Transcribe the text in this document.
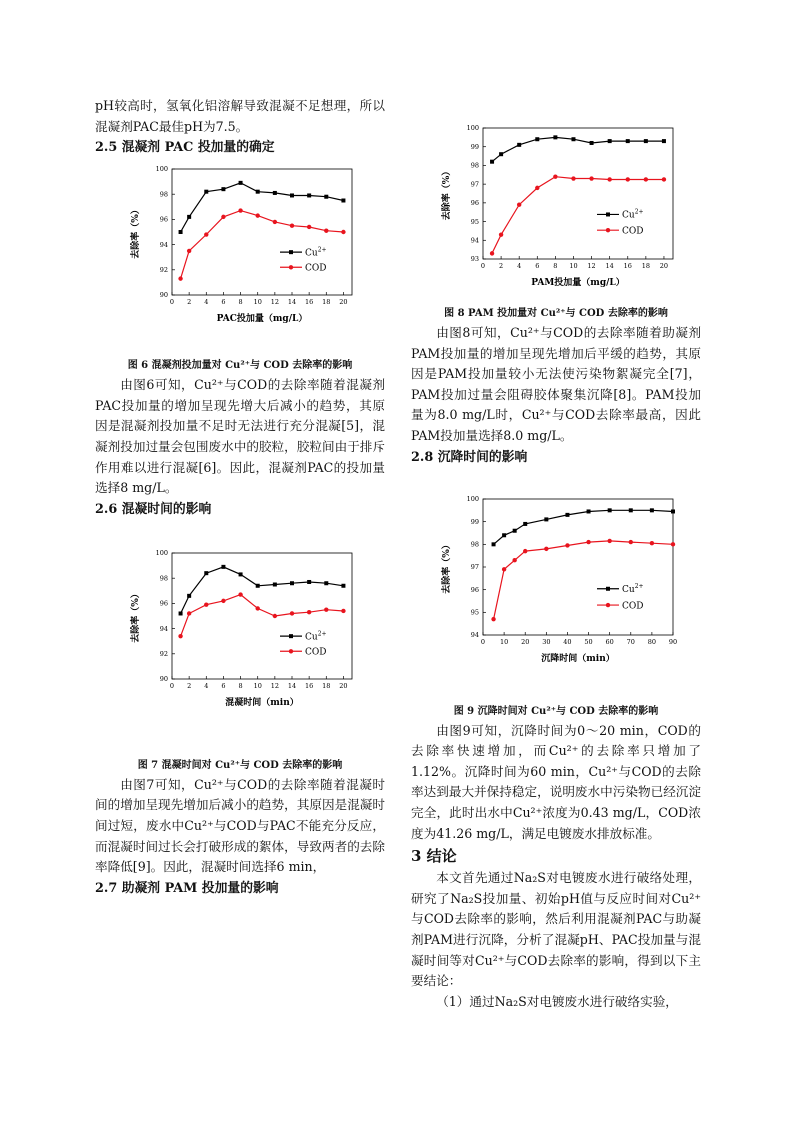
pH较高时，氢氧化铝溶解导致混凝不足想理，所以混凝剂PAC最佳pH为7.5。

2.5 混凝剂 PAC 投加量的确定

0 2 4 6 8 10 12 14 16 18 20
90
92
94
96
98
100
PAC投加量（mg/L）
去除率（%）	$Cu^{2+}$
COD

图 6 混凝剂投加量对 Cu²⁺与 COD 去除率的影响

由图6可知，Cu²⁺与COD的去除率随着混凝剂PAC投加量的增加呈现先增大后减小的趋势，其原因是混凝剂投加量不足时无法进行充分混凝[5]，混凝剂投加过量会包围废水中的胶粒，胶粒间由于排斥作用难以进行混凝[6]。因此，混凝剂PAC的投加量选择8 mg/L。

2.6 混凝时间的影响

0 2 4 6 8 10 12 14 16 18 20
90
92
94
96
98
100
混凝时间（min）
去除率（%）	$Cu^{2+}$
COD

图 7 混凝时间对 Cu²⁺与 COD 去除率的影响

由图7可知，Cu²⁺与COD的去除率随着混凝时间的增加呈现先增加后减小的趋势，其原因是混凝时间过短，废水中Cu²⁺与COD与PAC不能充分反应，而混凝时间过长会打破形成的絮体，导致两者的去除率降低[9]。因此，混凝时间选择6 min，

2.7 助凝剂 PAM 投加量的影响

0 2 4 6 8 10 12 14 16 18 20
93
94
95
96
97
98
99
100
PAM投加量（mg/L）
去除率（%）	$Cu^{2+}$
COD

图 8 PAM 投加量对 Cu²⁺与 COD 去除率的影响

由图8可知，Cu²⁺与COD的去除率随着助凝剂PAM投加量的增加呈现先增加后平缓的趋势，其原因是PAM投加量较小无法使污染物絮凝完全[7]，PAM投加过量会阻碍胶体聚集沉降[8]。PAM投加量为8.0 mg/L时，Cu²⁺与COD去除率最高，因此PAM投加量选择8.0 mg/L。

2.8 沉降时间的影响

0 10 20 30 40 50 60 70 80 90
94
95
96
97
98
99
100
沉降时间（min）
去除率（%）	$Cu^{2+}$
COD

图 9 沉降时间对 Cu²⁺与 COD 去除率的影响

由图9可知，沉降时间为0～20 min，COD的去除率快速增加，而Cu²⁺的去除率只增加了1.12%。沉降时间为60 min，Cu²⁺与COD的去除率达到最大并保持稳定，说明废水中污染物已经沉淀完全，此时出水中Cu²⁺浓度为0.43 mg/L，COD浓度为41.26 mg/L，满足电镀废水排放标准。

3 结论

本文首先通过Na₂S对电镀废水进行破络处理，研究了Na₂S投加量、初始pH值与反应时间对Cu²⁺与COD去除率的影响，然后利用混凝剂PAC与助凝剂PAM进行沉降，分析了混凝pH、PAC投加量与混凝时间等对Cu²⁺与COD去除率的影响，得到以下主要结论：

（1）通过Na₂S对电镀废水进行破络实验，
